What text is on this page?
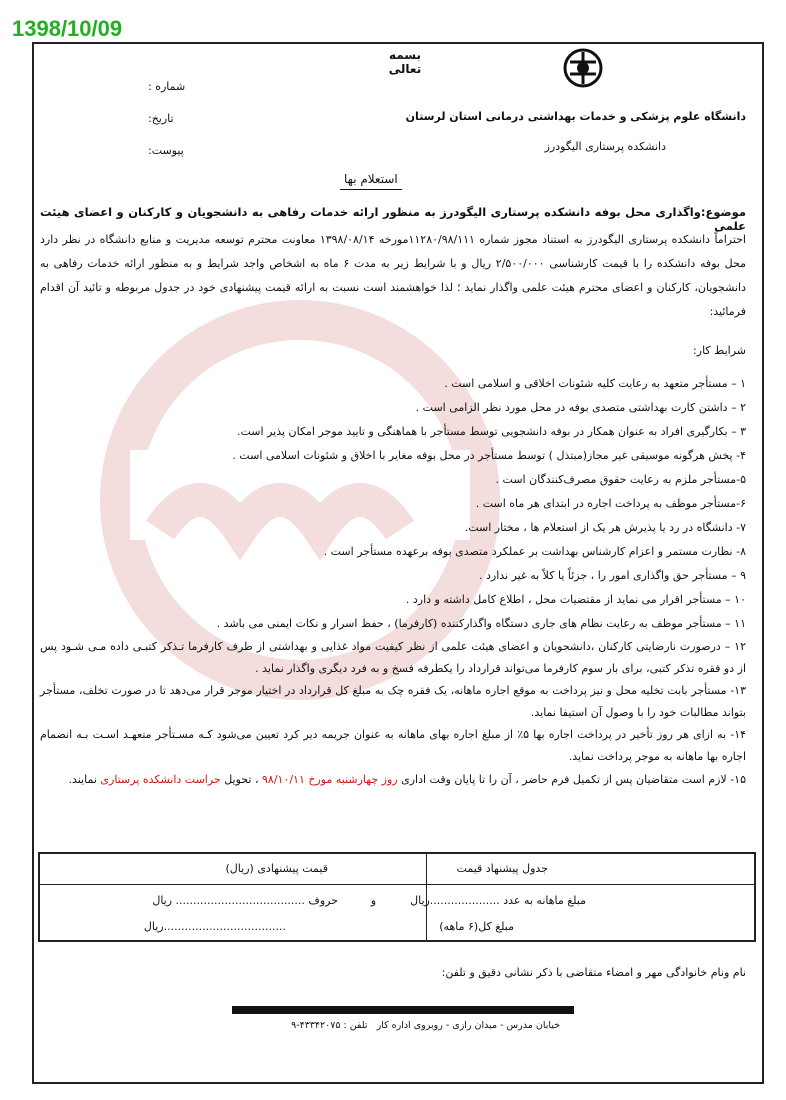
1398/10/09
بسمه تعالی
دانشگاه علوم پزشکی و خدمات بهداشتی درمانی استان لرستان
دانشکده پرستاری الیگودرز
شماره :
تاریخ:
پیوست:
استعلام بها
موضوع:واگذاری محل بوفه دانشکده پرستاری الیگودرز به منظور ارائه خدمات رفاهی به دانشجویان و کارکنان و اعضای هیئت علمی
احتراماً دانشکده پرستاری الیگودرز به استناد مجوز شماره ۱۱۲۸۰/۹۸/۱۱۱مورخه ۱۳۹۸/۰۸/۱۴ معاونت محترم توسعه مدیریت و منابع دانشگاه در نظر دارد محل بوفه دانشکده را با قیمت کارشناسی ۲/۵۰۰/۰۰۰ ریال و با شرایط زیر به مدت ۶ ماه به اشخاص واجد شرایط و به منظور ارائه خدمات رفاهی به دانشجویان، کارکنان و اعضای محترم هیئت علمی واگذار نماید ؛ لذا خواهشمند است نسبت به ارائه قیمت پیشنهادی خود در جدول مربوطه و تائید آن اقدام فرمائید:
شرایط کار:
۱ – مستأجر متعهد به رعایت کلیه شئونات اخلاقی و اسلامی است .
۲ – داشتن کارت بهداشتی متصدی بوفه در محل مورد نظر الزامی است .
۳ – بکارگیری افراد به عنوان همکار در بوفه دانشجویی توسط مستأجر با هماهنگی و تایید موجر امکان پذیر است.
۴- پخش هرگونه موسیقی غیر مجاز(مبتذل ) توسط مستأجر در محل بوفه مغایر با اخلاق و شئونات اسلامی است .
۵-مستأجر ملزم به رعایت حقوق مصرف‌کنندگان است .
۶-مستأجر موظف به پرداخت اجاره در ابتدای هر ماه است .
۷- دانشگاه در رد یا پذیرش هر یک از استعلام ها ، مختار است.
۸- نظارت مستمر و اعزام کارشناس بهداشت بر عملکرد متصدی بوفه برعهده مستأجر است .
۹ – مستأجر حق واگذاری امور را ، جزئاً یا کلاً به غیر ندارد .
۱۰ – مستأجر اقرار می نماید از مقتضیات محل ، اطلاع کامل داشته و دارد .
۱۱ – مستأجر موظف به رعایت نظام های جاری دستگاه واگذارکننده (کارفرما) ، حفظ اسرار و نکات ایمنی می باشد .
۱۲ – درصورت نارضایتی کارکنان ،دانشجویان و اعضای هیئت علمی از نظر کیفیت مواد غذایی و بهداشتی از طرف کارفرما تـذکر کتبـی داده مـی شـود پس از دو فقره تذکر کتبی، برای بار سوم کارفرما می‌تواند قرارداد را یکطرفه فسخ و به فرد دیگری واگذار نماید .
۱۳- مستأجر بابت تخلیه محل و نیز پرداخت به موقع اجاره ماهانه، یک فقره چک به مبلغ کل قرارداد در اختیار موجر قرار می‌دهد تا در صورت تخلف، مستأجر بتواند مطالبات خود را با وصول آن استیفا نماید.
۱۴- به ازای هر روز تأخیر در پرداخت اجاره بها ۵٪ از مبلغ اجاره بهای ماهانه به عنوان جریمه دیر کرد تعیین می‌شود کـه مسـتأجر متعهـد اسـت بـه انضمام اجاره بها ماهانه به موجر پرداخت نماید.
۱۵- لازم است متقاضیان پس از تکمیل فرم حاضر ، آن را تا پایان وقت اداری روز چهارشنبه مورخ ۹۸/۱۰/۱۱ ، تحویل حراست دانشکده پرستاری نمایند.
جدول پیشنهاد قیمت
قیمت پیشنهادی (ریال)
مبلغ ماهانه به عدد ....................ریال
و
حروف ..................................... ریال
مبلغ کل(۶ ماهه)
...................................ریال
نام ونام خانوادگی مهر و امضاء متقاضی با ذکر نشانی دقیق و تلفن:
خیابان مدرس - میدان رازی - روبروی اداره کار   تلفن : ۴۳۳۴۲۰۷۵-۹
